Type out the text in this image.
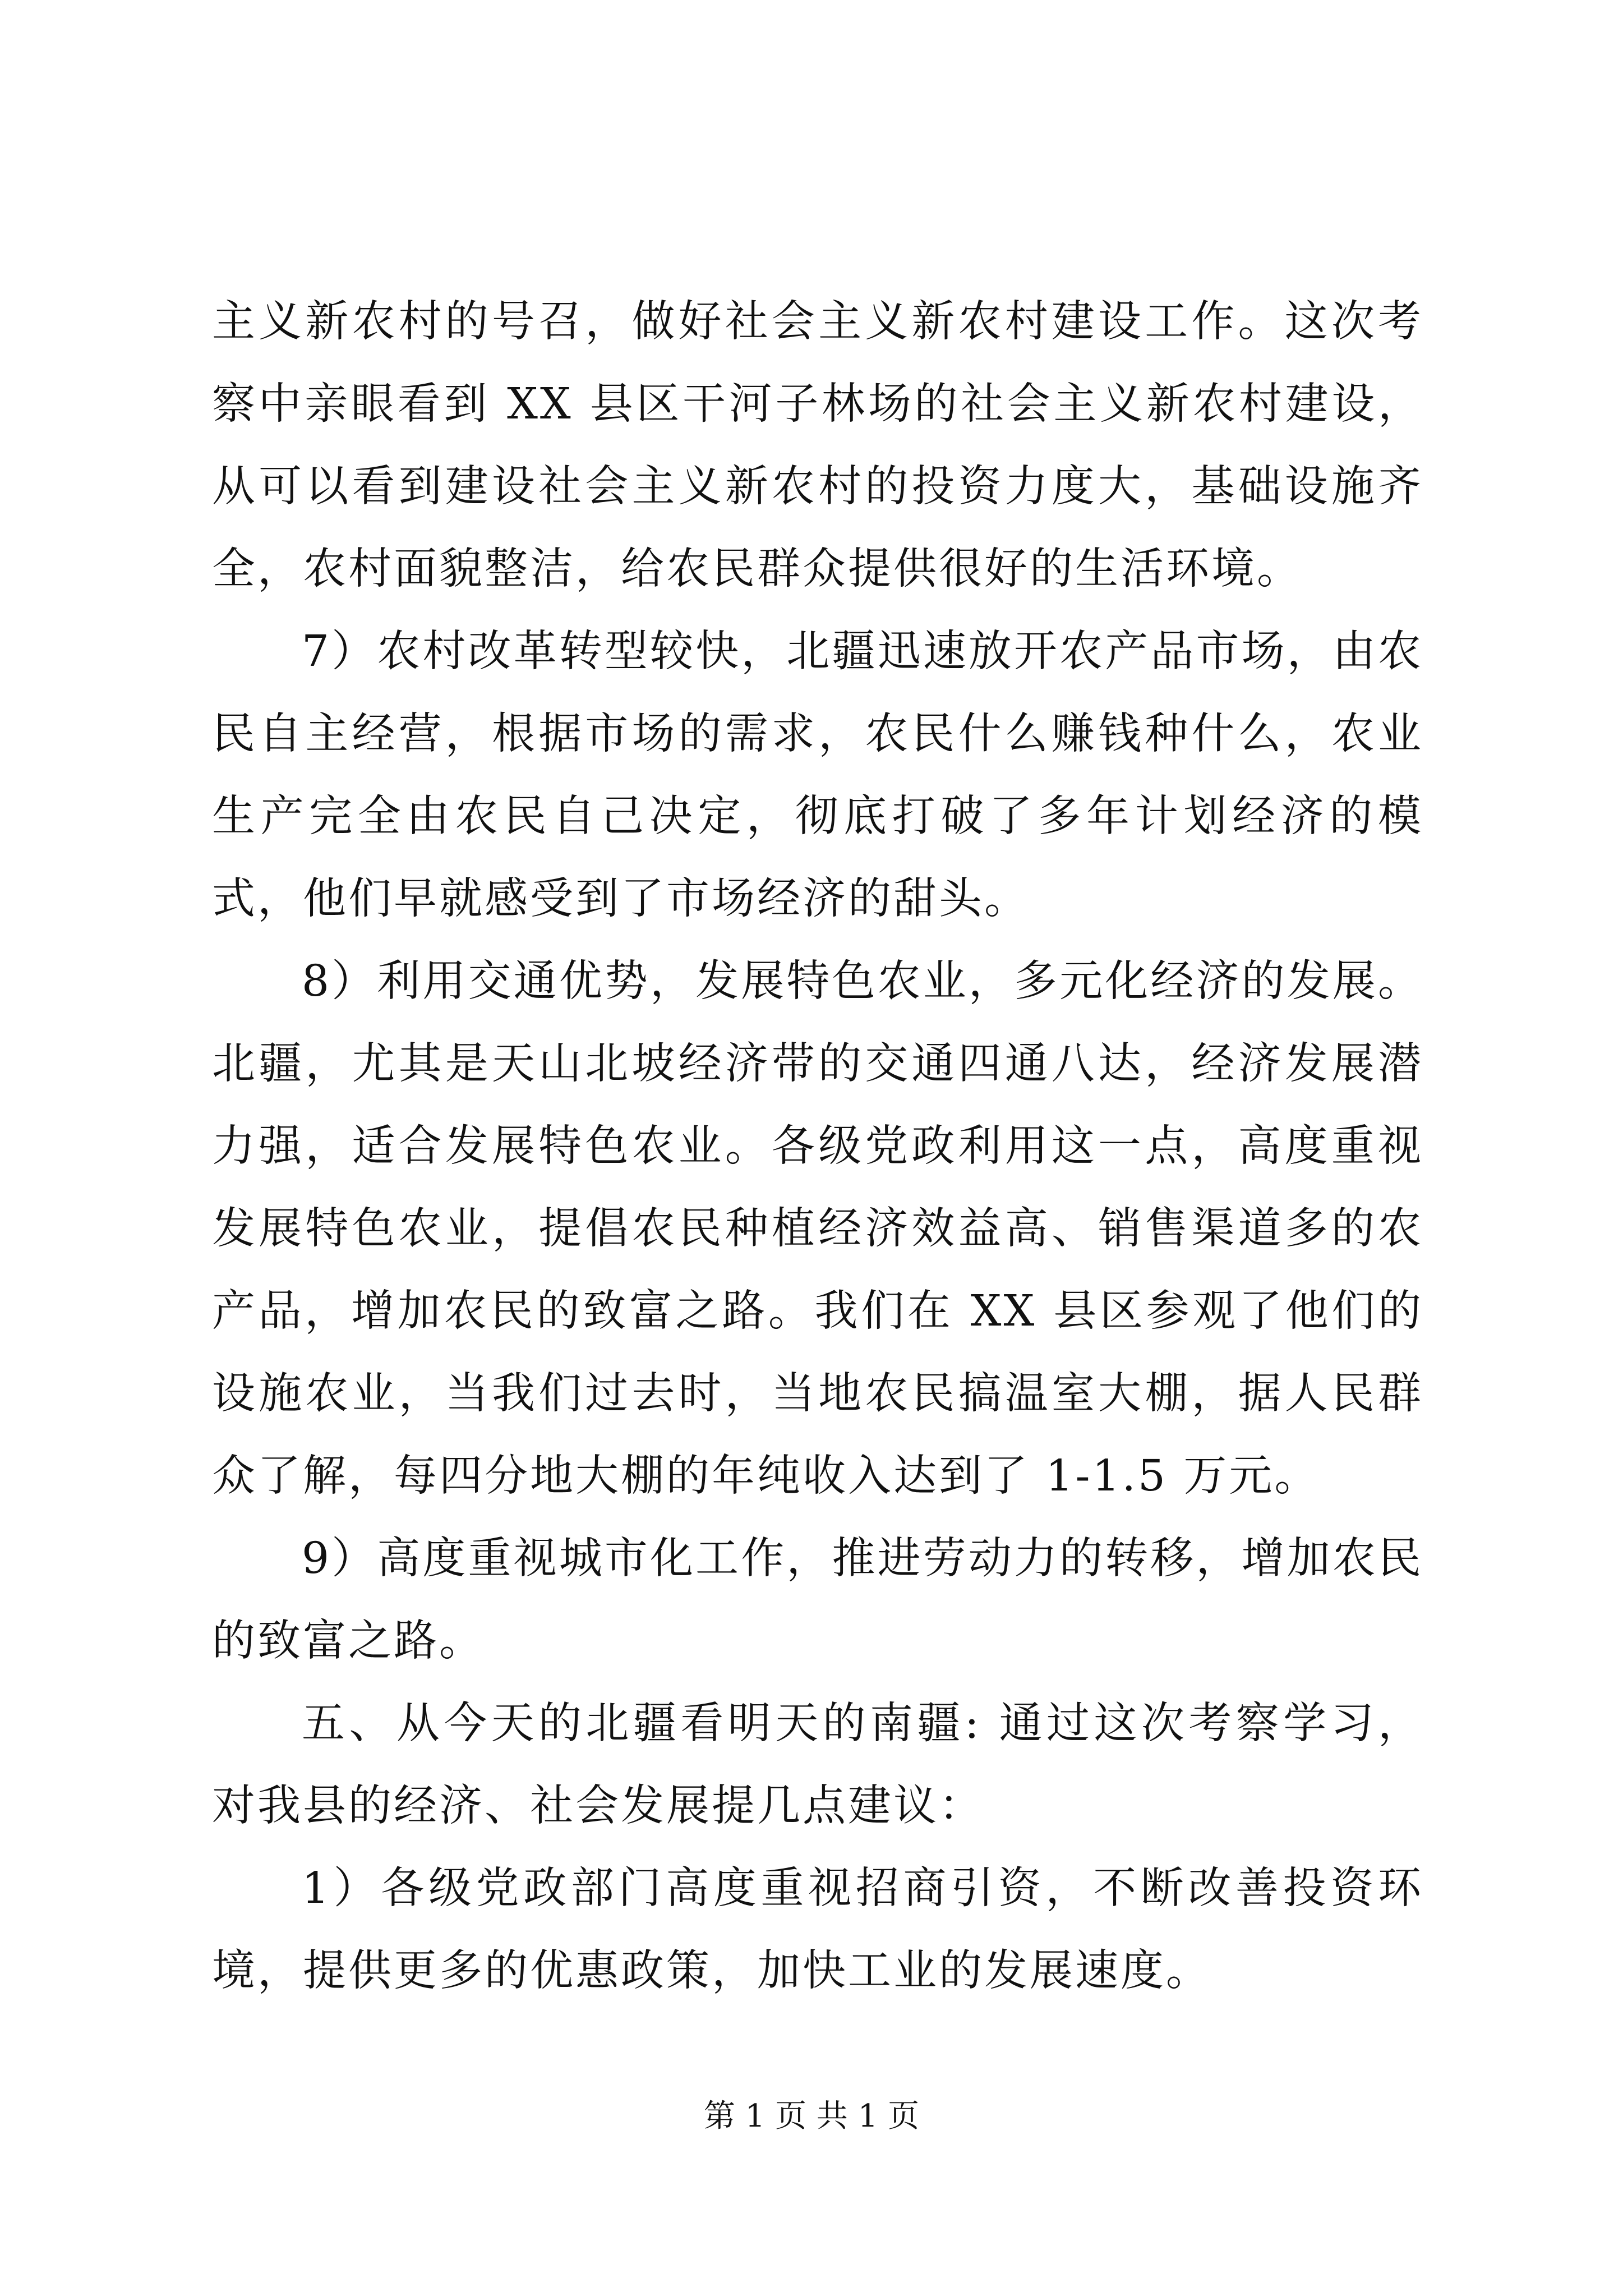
主义新农村的号召，做好社会主义新农村建设工作。这次考察中亲眼看到 XX 县区干河子林场的社会主义新农村建设，从可以看到建设社会主义新农村的投资力度大，基础设施齐全，农村面貌整洁，给农民群众提供很好的生活环境。

7）农村改革转型较快，北疆迅速放开农产品市场，由农民自主经营，根据市场的需求，农民什么赚钱种什么，农业生产完全由农民自己决定，彻底打破了多年计划经济的模式，他们早就感受到了市场经济的甜头。

8）利用交通优势，发展特色农业，多元化经济的发展。北疆，尤其是天山北坡经济带的交通四通八达，经济发展潜力强，适合发展特色农业。各级党政利用这一点，高度重视发展特色农业，提倡农民种植经济效益高、销售渠道多的农产品，增加农民的致富之路。我们在 XX 县区参观了他们的设施农业，当我们过去时，当地农民搞温室大棚，据人民群众了解，每四分地大棚的年纯收入达到了 1-1.5 万元。

9）高度重视城市化工作，推进劳动力的转移，增加农民的致富之路。

五、从今天的北疆看明天的南疆: 通过这次考察学习，对我县的经济、社会发展提几点建议：

1）各级党政部门高度重视招商引资，不断改善投资环境，提供更多的优惠政策，加快工业的发展速度。

第 1 页 共 1 页
